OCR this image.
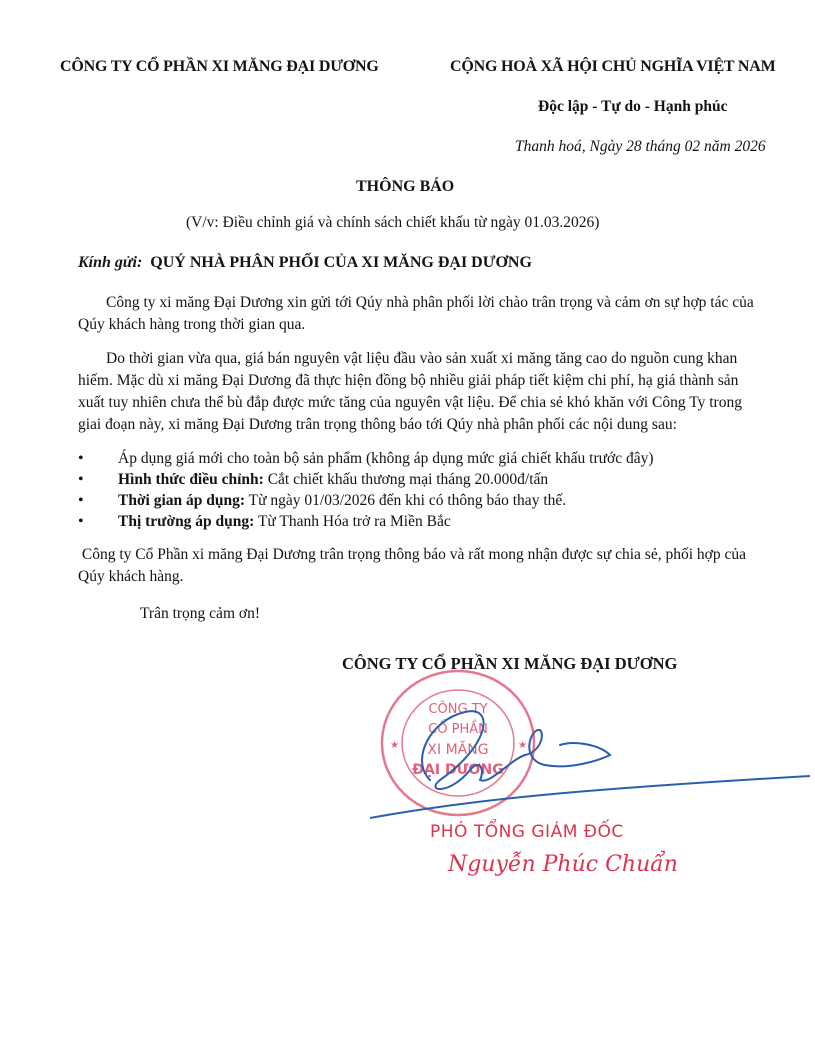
CÔNG TY CỔ PHẦN XI MĂNG ĐẠI DƯƠNG	CỘNG HOÀ XÃ HỘI CHỦ NGHĨA VIỆT NAM
Độc lập - Tự do - Hạnh phúc
Thanh hoá, Ngày 28 tháng 02 năm 2026
THÔNG BÁO
(V/v: Điều chỉnh giá và chính sách chiết khấu từ ngày 01.03.2026)
Kính gửi: QUÝ NHÀ PHÂN PHỐI CỦA XI MĂNG ĐẠI DƯƠNG

Công ty xi măng Đại Dương xin gửi tới Qúy nhà phân phối lời chào trân trọng và cảm ơn sự hợp tác của Qúy khách hàng trong thời gian qua.

Do thời gian vừa qua, giá bán nguyên vật liệu đầu vào sản xuất xi măng tăng cao do nguồn cung khan hiếm. Mặc dù xi măng Đại Dương đã thực hiện đồng bộ nhiều giải pháp tiết kiệm chi phí, hạ giá thành sản xuất tuy nhiên chưa thể bù đắp được mức tăng của nguyên vật liệu. Để chia sẻ khó khăn với Công Ty trong giai đoạn này, xi măng Đại Dương trân trọng thông báo tới Qúy nhà phân phối các nội dung sau:

• Áp dụng giá mới cho toàn bộ sản phẩm (không áp dụng mức giá chiết khấu trước đây)
• Hình thức điều chỉnh: Cắt chiết khấu thương mại tháng 20.000đ/tấn
• Thời gian áp dụng: Từ ngày 01/03/2026 đến khi có thông báo thay thế.
• Thị trường áp dụng: Từ Thanh Hóa trở ra Miền Bắc

Công ty Cổ Phần xi măng Đại Dương trân trọng thông báo và rất mong nhận được sự chia sẻ, phối hợp của Qúy khách hàng.

Trân trọng cảm ơn!
★	★
CÔNG TY
CỔ PHẦN
XI MĂNG
ĐẠI DƯƠNG
CÔNG TY CỔ PHẦN XI MĂNG ĐẠI DƯƠNG
PHÓ TỔNG GIÁM ĐỐC
Nguyễn Phúc Chuẩn
